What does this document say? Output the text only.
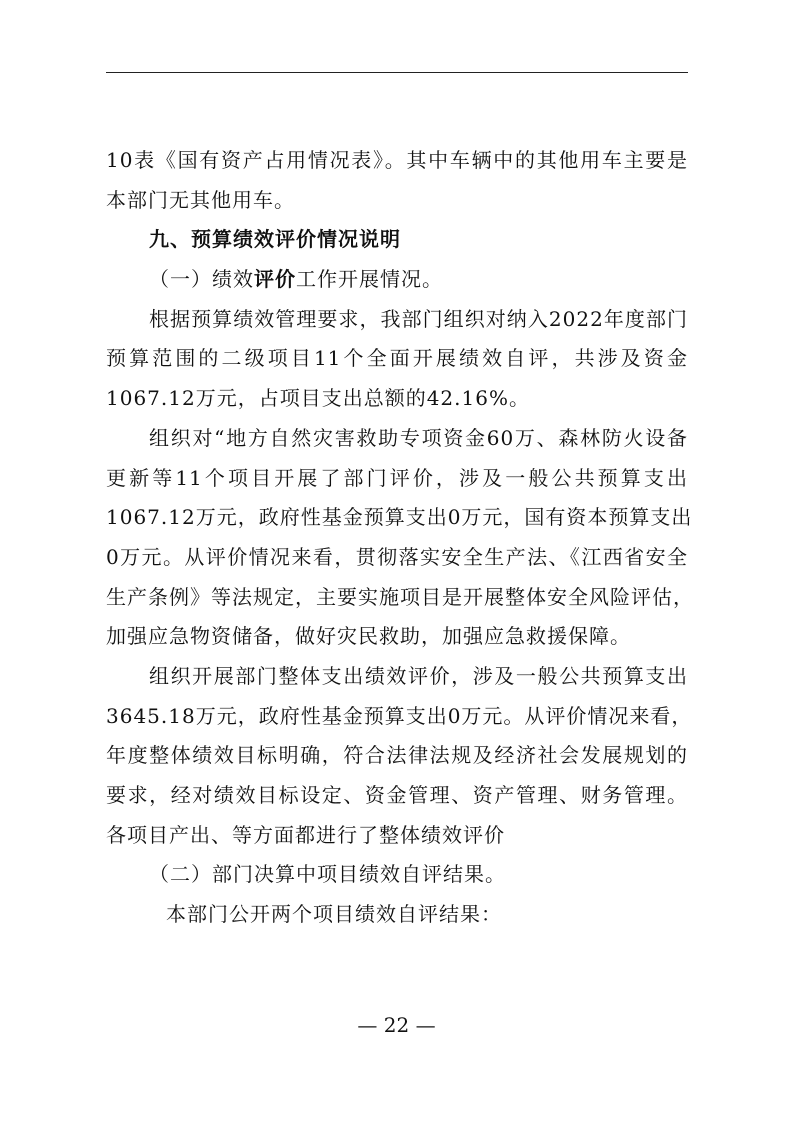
10表《国有资产占用情况表》。其中车辆中的其他用车主要是
本部门无其他用车。
九、预算绩效评价情况说明
（一）绩效评价工作开展情况。
根据预算绩效管理要求，我部门组织对纳入2022年度部门
预算范围的二级项目11个全面开展绩效自评，共涉及资金
1067.12万元，占项目支出总额的42.16%。
组织对“地方自然灾害救助专项资金60万、森林防火设备
更新等11个项目开展了部门评价，涉及一般公共预算支出
1067.12万元，政府性基金预算支出0万元，国有资本预算支出
0万元。从评价情况来看，贯彻落实安全生产法、《江西省安全
生产条例》等法规定，主要实施项目是开展整体安全风险评估，
加强应急物资储备，做好灾民救助，加强应急救援保障。
组织开展部门整体支出绩效评价，涉及一般公共预算支出
3645.18万元，政府性基金预算支出0万元。从评价情况来看，
年度整体绩效目标明确，符合法律法规及经济社会发展规划的
要求，经对绩效目标设定、资金管理、资产管理、财务管理。
各项目产出、等方面都进行了整体绩效评价
（二）部门决算中项目绩效自评结果。
本部门公开两个项目绩效自评结果：
— 22 —
